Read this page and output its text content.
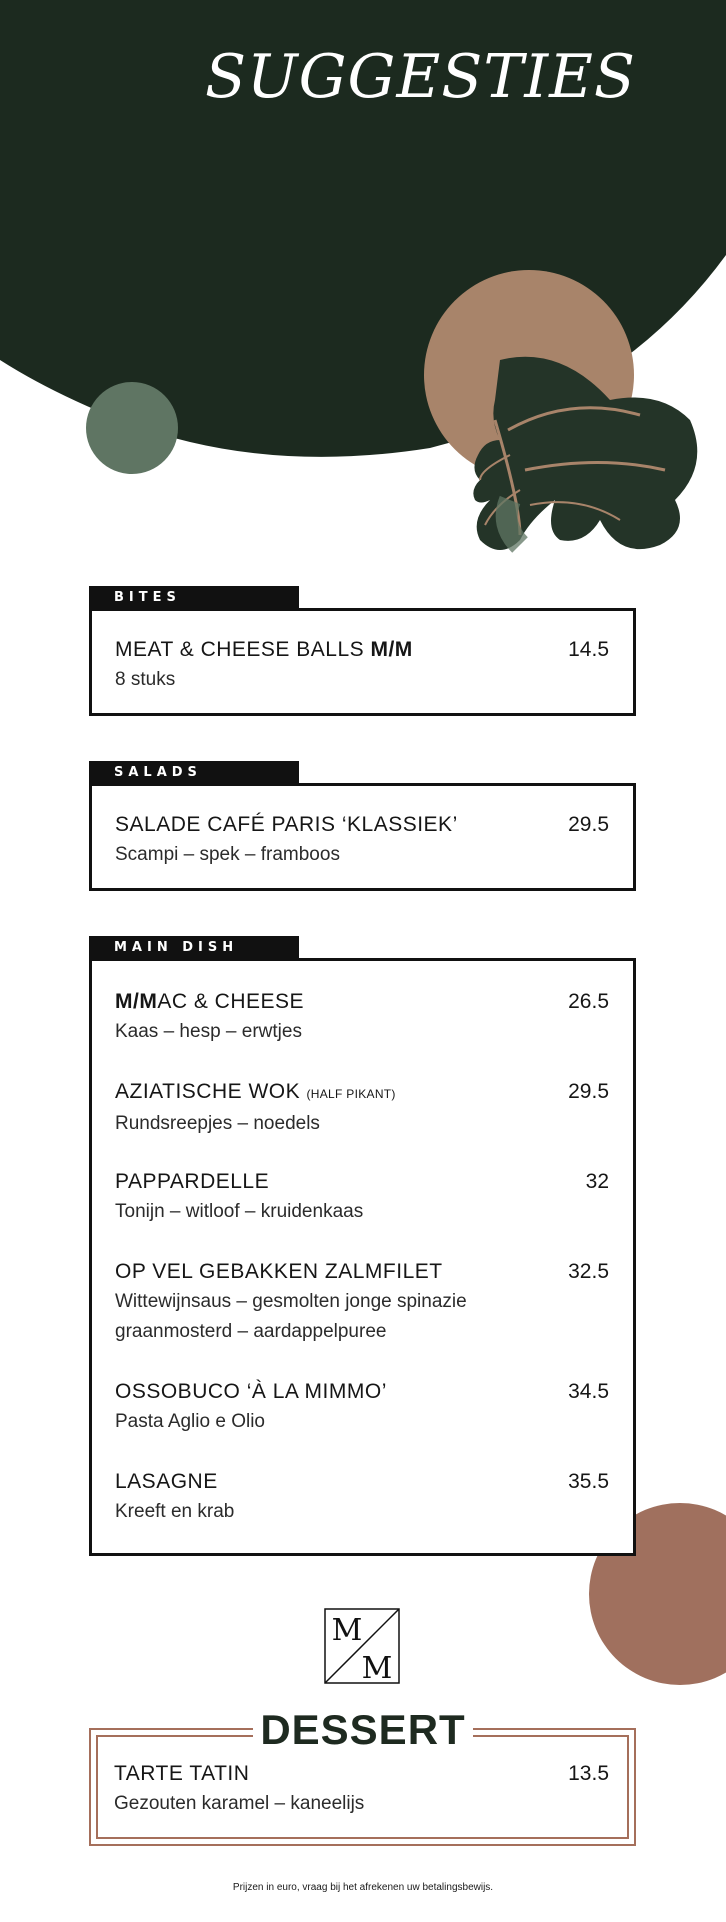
SUGGESTIES
BITES
MEAT & CHEESE BALLS M/M	14.5
8 stuks
SALADS
SALADE CAFÉ PARIS ‘KLASSIEK’	29.5
Scampi – spek – framboos
MAIN DISH
M/MAC & CHEESE	26.5
Kaas – hesp – erwtjes
AZIATISCHE WOK (HALF PIKANT)	29.5
Rundsreepjes – noedels
PAPPARDELLE	32
Tonijn – witloof – kruidenkaas
OP VEL GEBAKKEN ZALMFILET	32.5
Wittewijnsaus – gesmolten jonge spinazie
graanmosterd – aardappelpuree
OSSOBUCO ‘À LA MIMMO’	34.5
Pasta Aglio e Olio
LASAGNE	35.5
Kreeft en krab
M
M
TARTE TATIN	13.5
Gezouten karamel – kaneelijs
DESSERT
Prijzen in euro, vraag bij het afrekenen uw betalingsbewijs.
